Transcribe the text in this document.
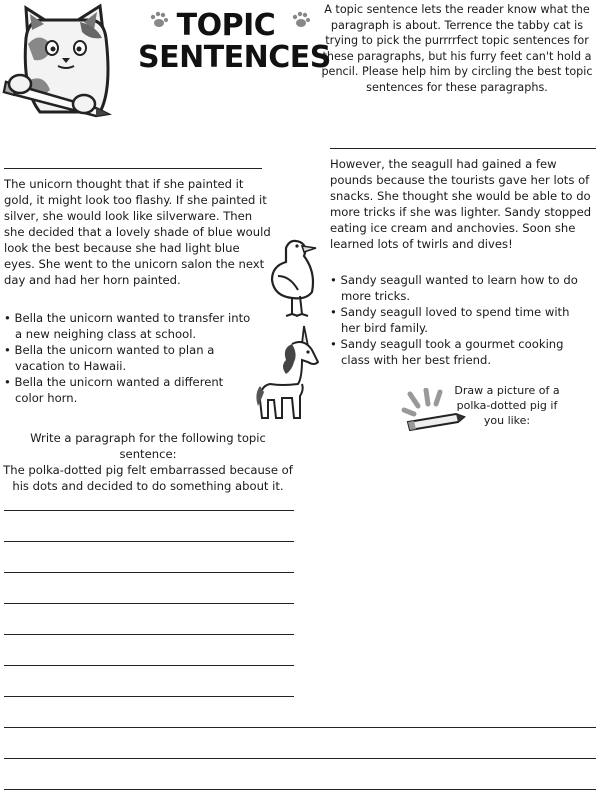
TOPIC
SENTENCES
A topic sentence lets the reader know what the paragraph is about. Terrence the tabby cat is trying to pick the purrrrfect topic sentences for these paragraphs, but his furry feet can't hold a pencil. Please help him by circling the best topic sentences for these paragraphs.
The unicorn thought that if she painted it gold, it might look too flashy. If she painted it silver, she would look like silverware. Then she decided that a lovely shade of blue would look the best because she had light blue eyes. She went to the unicorn salon the next day and had her horn painted.
• Bella the unicorn wanted to transfer into a new neighing class at school.
• Bella the unicorn wanted to plan a vacation to Hawaii.
• Bella the unicorn wanted a different color horn.
However, the seagull had gained a few pounds because the tourists gave her lots of snacks. She thought she would be able to do more tricks if she was lighter. Sandy stopped eating ice cream and anchovies. Soon she learned lots of twirls and dives!
• Sandy seagull wanted to learn how to do more tricks.
• Sandy seagull loved to spend time with her bird family.
• Sandy seagull took a gourmet cooking class with her best friend.
Draw a picture of a polka-dotted pig if you like:
Write a paragraph for the following topic sentence:
The polka-dotted pig felt embarrassed because of his dots and decided to do something about it.
